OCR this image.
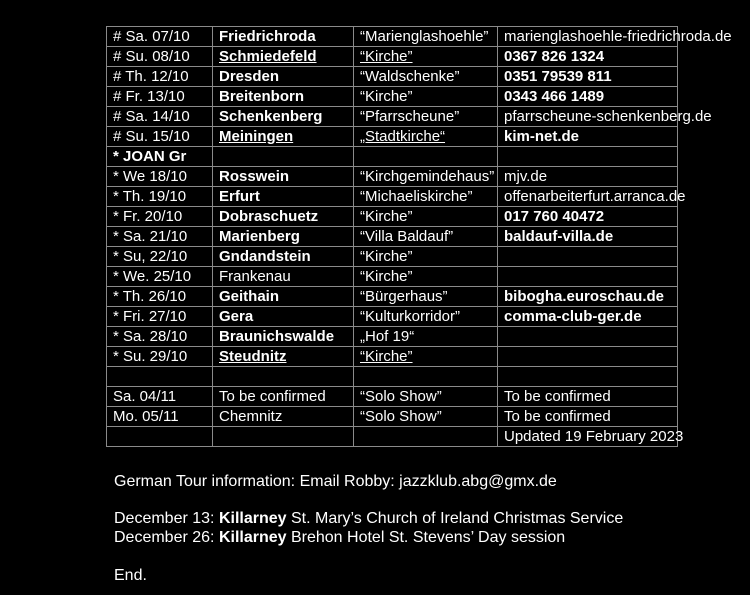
# Sa. 07/10	Friedrichroda	“Marienglashoehle”	marienglashoehle-friedrichroda.de
# Su. 08/10	Schmiedefeld	“Kirche”	0367 826 1324
# Th. 12/10	Dresden	“Waldschenke”	0351 79539 811
# Fr. 13/10	Breitenborn	“Kirche”	0343 466 1489
# Sa. 14/10	Schenkenberg	“Pfarrscheune”	pfarrscheune-schenkenberg.de
# Su. 15/10	Meiningen	„Stadtkirche“	kim-net.de
* JOAN Gr			
* We 18/10	Rosswein	“Kirchgemindehaus”	mjv.de
* Th. 19/10	Erfurt	“Michaeliskirche”	offenarbeiterfurt.arranca.de
* Fr. 20/10	Dobraschuetz	“Kirche”	017 760 40472
* Sa. 21/10	Marienberg	“Villa Baldauf”	baldauf-villa.de
* Su, 22/10	Gndandstein	“Kirche”	
* We. 25/10	Frankenau	“Kirche”	
* Th. 26/10	Geithain	“Bürgerhaus”	bibogha.euroschau.de
* Fri. 27/10	Gera	“Kulturkorridor”	comma-club-ger.de
* Sa. 28/10	Braunichswalde	„Hof 19“	
* Su. 29/10	Steudnitz	“Kirche”	

Sa. 04/11	To be confirmed	“Solo Show”	To be confirmed
Mo. 05/11	Chemnitz	“Solo Show”	To be confirmed
			Updated 19 February 2023
German Tour information: Email Robby: jazzklub.abg@gmx.de
December 13: Killarney St. Mary’s Church of Ireland Christmas Service
December 26: Killarney Brehon Hotel St. Stevens’ Day session
End.
